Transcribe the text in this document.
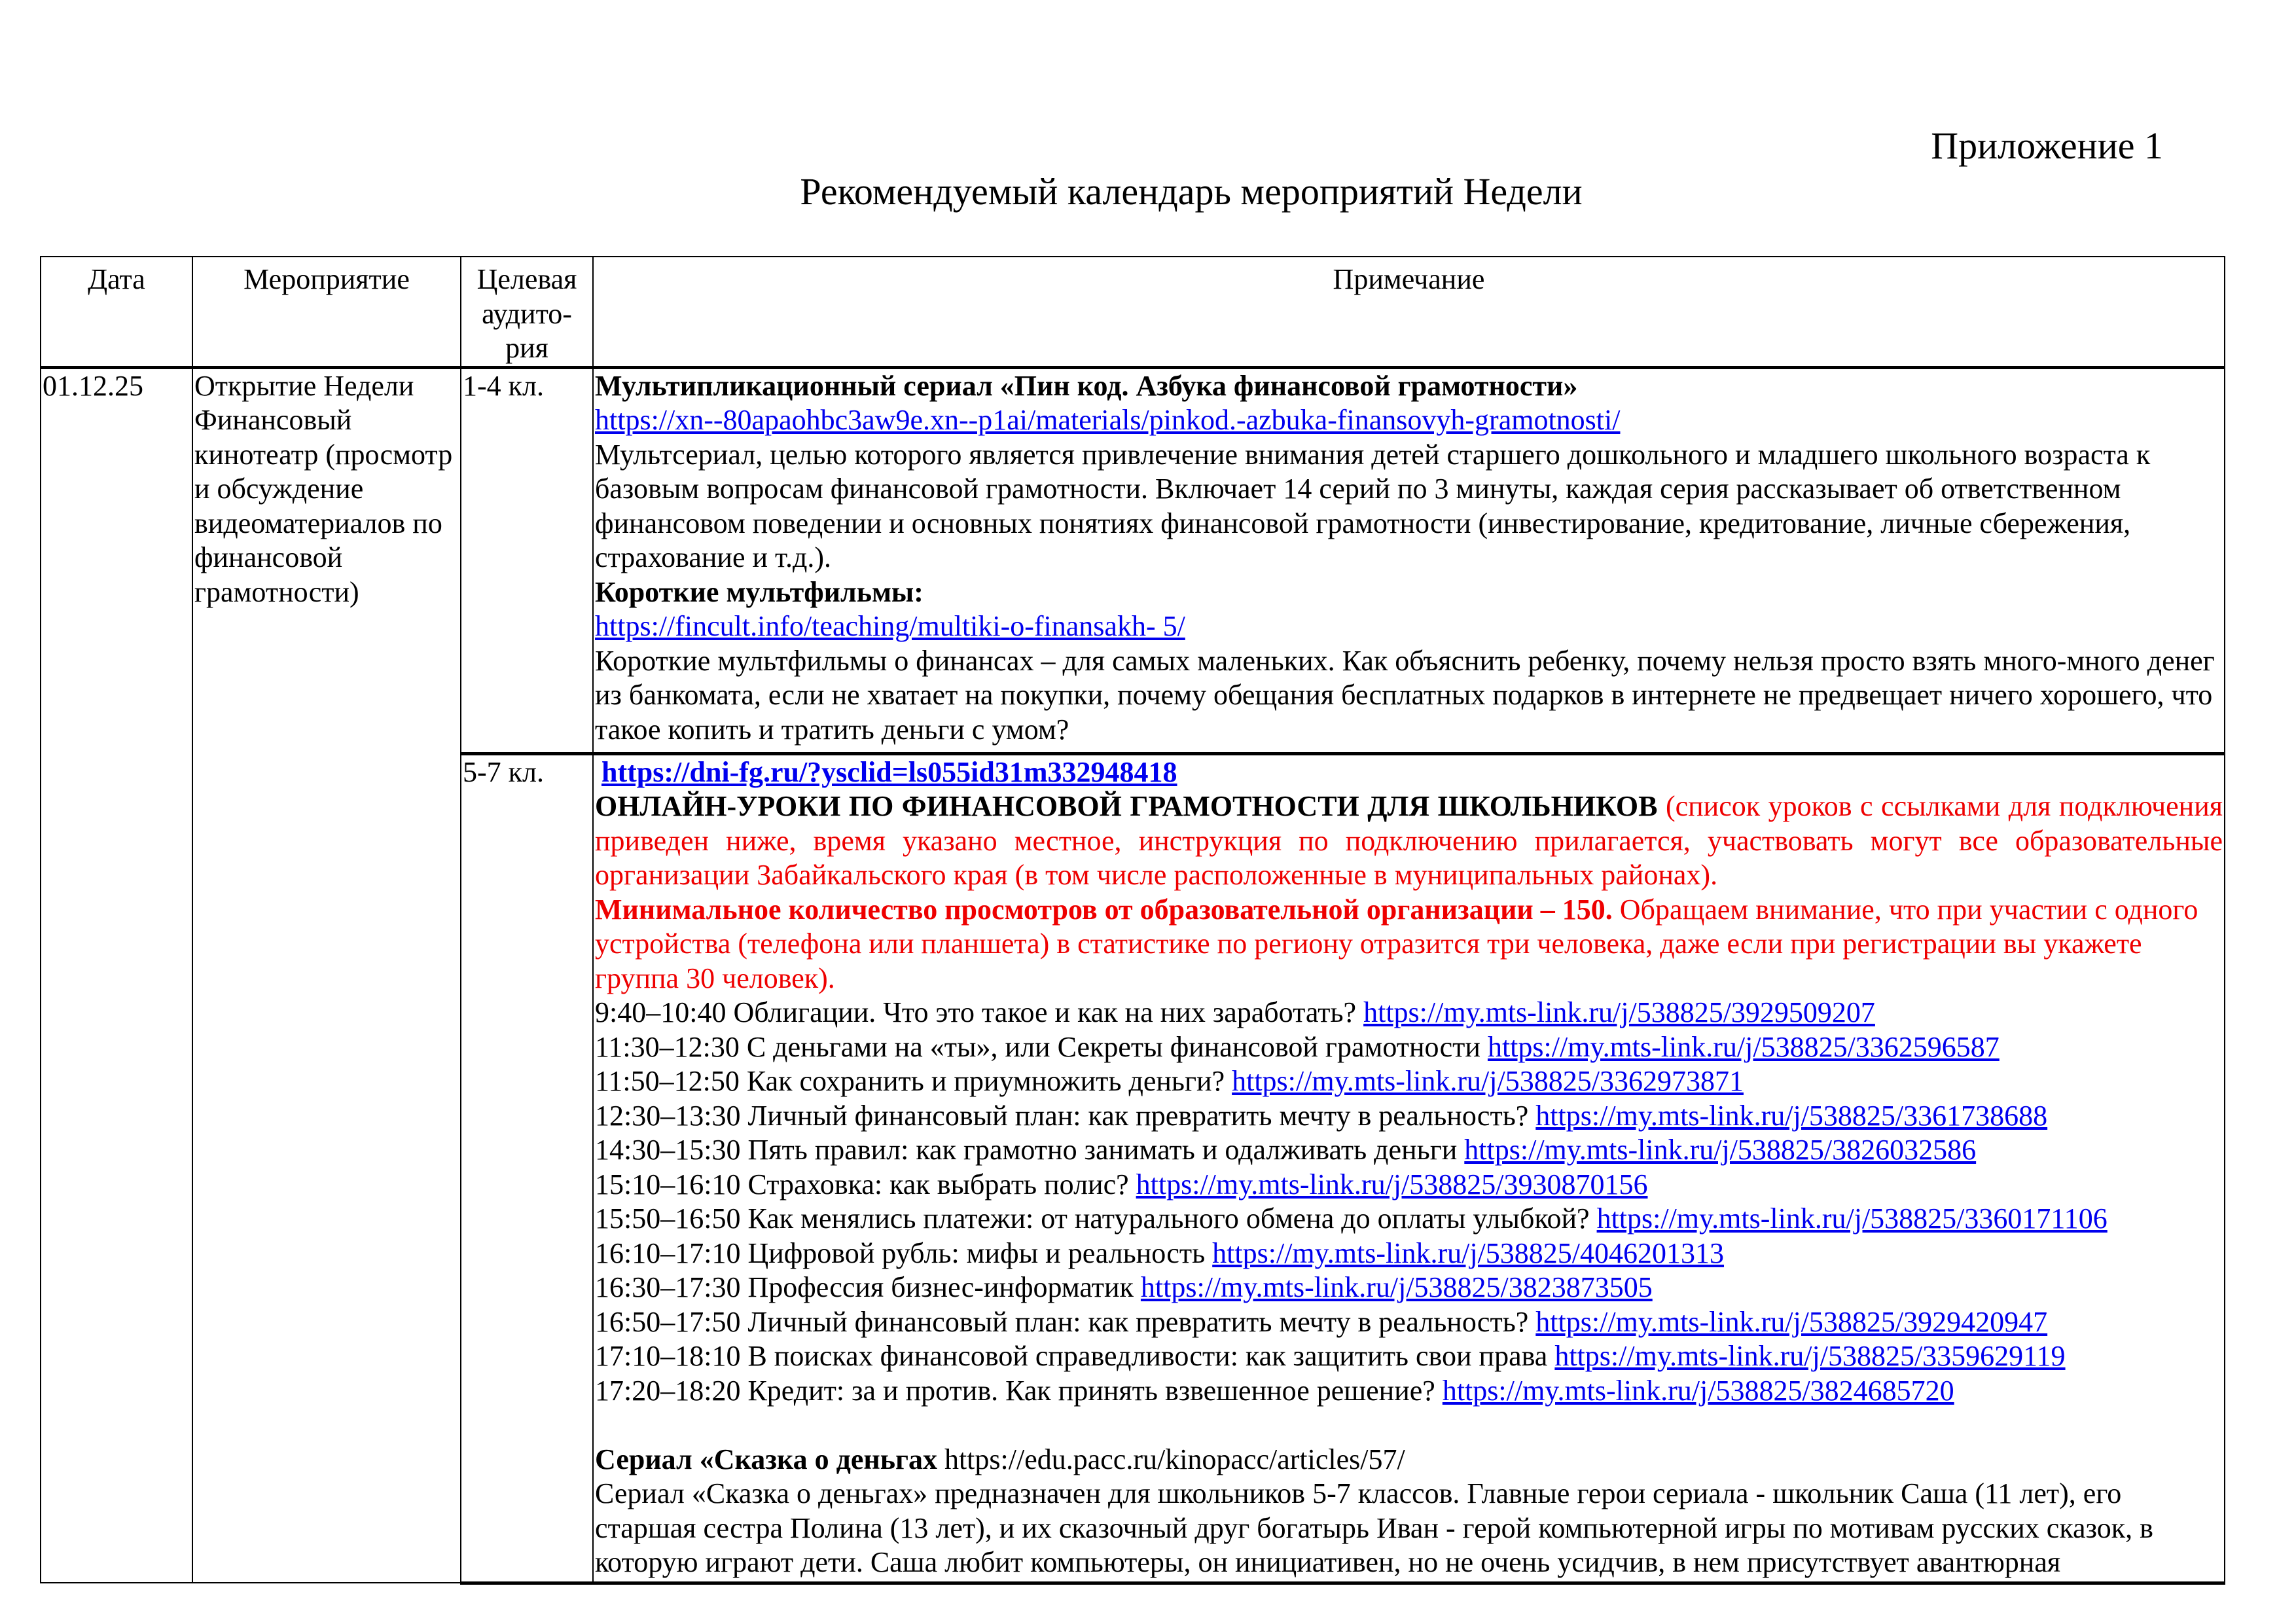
Приложение 1
Рекомендуемый календарь мероприятий Недели
Дата	Мероприятие	Целевая
аудито-
рия	Примечание
01.12.25	Открытие Недели Финансовый кинотеатр (просмотр и обсуждение видеоматериалов по финансовой грамотности)	1-4 кл.	Мультипликационный сериал «Пин код. Азбука финансовой грамотности»
https://xn--80apaohbc3aw9e.xn--p1ai/materials/pinkod.-azbuka-finansovyh-gramotnosti/
Мультсериал, целью которого является привлечение внимания детей старшего дошкольного и младшего школьного возраста к базовым вопросам финансовой грамотности. Включает 14 серий по 3 минуты, каждая серия рассказывает об ответственном финансовом поведении и основных понятиях финансовой грамотности (инвестирование, кредитование, личные сбережения, страхование и т.д.).
Короткие мультфильмы:
https://fincult.info/teaching/multiki-o-finansakh- 5/
Короткие мультфильмы о финансах – для самых маленьких. Как объяснить ребенку, почему нельзя просто взять много-много денег из банкомата, если не хватает на покупки, почему обещания бесплатных подарков в интернете не предвещает ничего хорошего, что такое копить и тратить деньги с умом?

5-7 кл.	https://dni-fg.ru/?ysclid=ls055id31m332948418
ОНЛАЙН-УРОКИ ПО ФИНАНСОВОЙ ГРАМОТНОСТИ ДЛЯ ШКОЛЬНИКОВ (список уроков с ссылками для подключения приведен ниже, время указано местное, инструкция по подключению прилагается, участвовать могут все образовательные организации Забайкальского края (в том числе расположенные в муниципальных районах).
Минимальное количество просмотров от образовательной организации – 150. Обращаем внимание, что при участии с одного устройства (телефона или планшета) в статистике по региону отразится три человека, даже если при регистрации вы укажете группа 30 человек).
9:40–10:40 Облигации. Что это такое и как на них заработать? https://my.mts-link.ru/j/538825/3929509207
11:30–12:30 С деньгами на «ты», или Секреты финансовой грамотности https://my.mts-link.ru/j/538825/3362596587
11:50–12:50 Как сохранить и приумножить деньги? https://my.mts-link.ru/j/538825/3362973871
12:30–13:30 Личный финансовый план: как превратить мечту в реальность? https://my.mts-link.ru/j/538825/3361738688
14:30–15:30 Пять правил: как грамотно занимать и одалживать деньги https://my.mts-link.ru/j/538825/3826032586
15:10–16:10 Страховка: как выбрать полис? https://my.mts-link.ru/j/538825/3930870156
15:50–16:50 Как менялись платежи: от натурального обмена до оплаты улыбкой? https://my.mts-link.ru/j/538825/3360171106
16:10–17:10 Цифровой рубль: мифы и реальность https://my.mts-link.ru/j/538825/4046201313
16:30–17:30 Профессия бизнес-информатик https://my.mts-link.ru/j/538825/3823873505
16:50–17:50 Личный финансовый план: как превратить мечту в реальность? https://my.mts-link.ru/j/538825/3929420947
17:10–18:10 В поисках финансовой справедливости: как защитить свои права https://my.mts-link.ru/j/538825/3359629119
17:20–18:20 Кредит: за и против. Как принять взвешенное решение? https://my.mts-link.ru/j/538825/3824685720
Сериал «Сказка о деньгах https://edu.pacc.ru/kinopacc/articles/57/
Сериал «Сказка о деньгах» предназначен для школьников 5-7 классов. Главные герои сериала - школьник Саша (11 лет), его старшая сестра Полина (13 лет), и их сказочный друг богатырь Иван - герой компьютерной игры по мотивам русских сказок, в которую играют дети. Саша любит компьютеры, он инициативен, но не очень усидчив, в нем присутствует авантюрная
